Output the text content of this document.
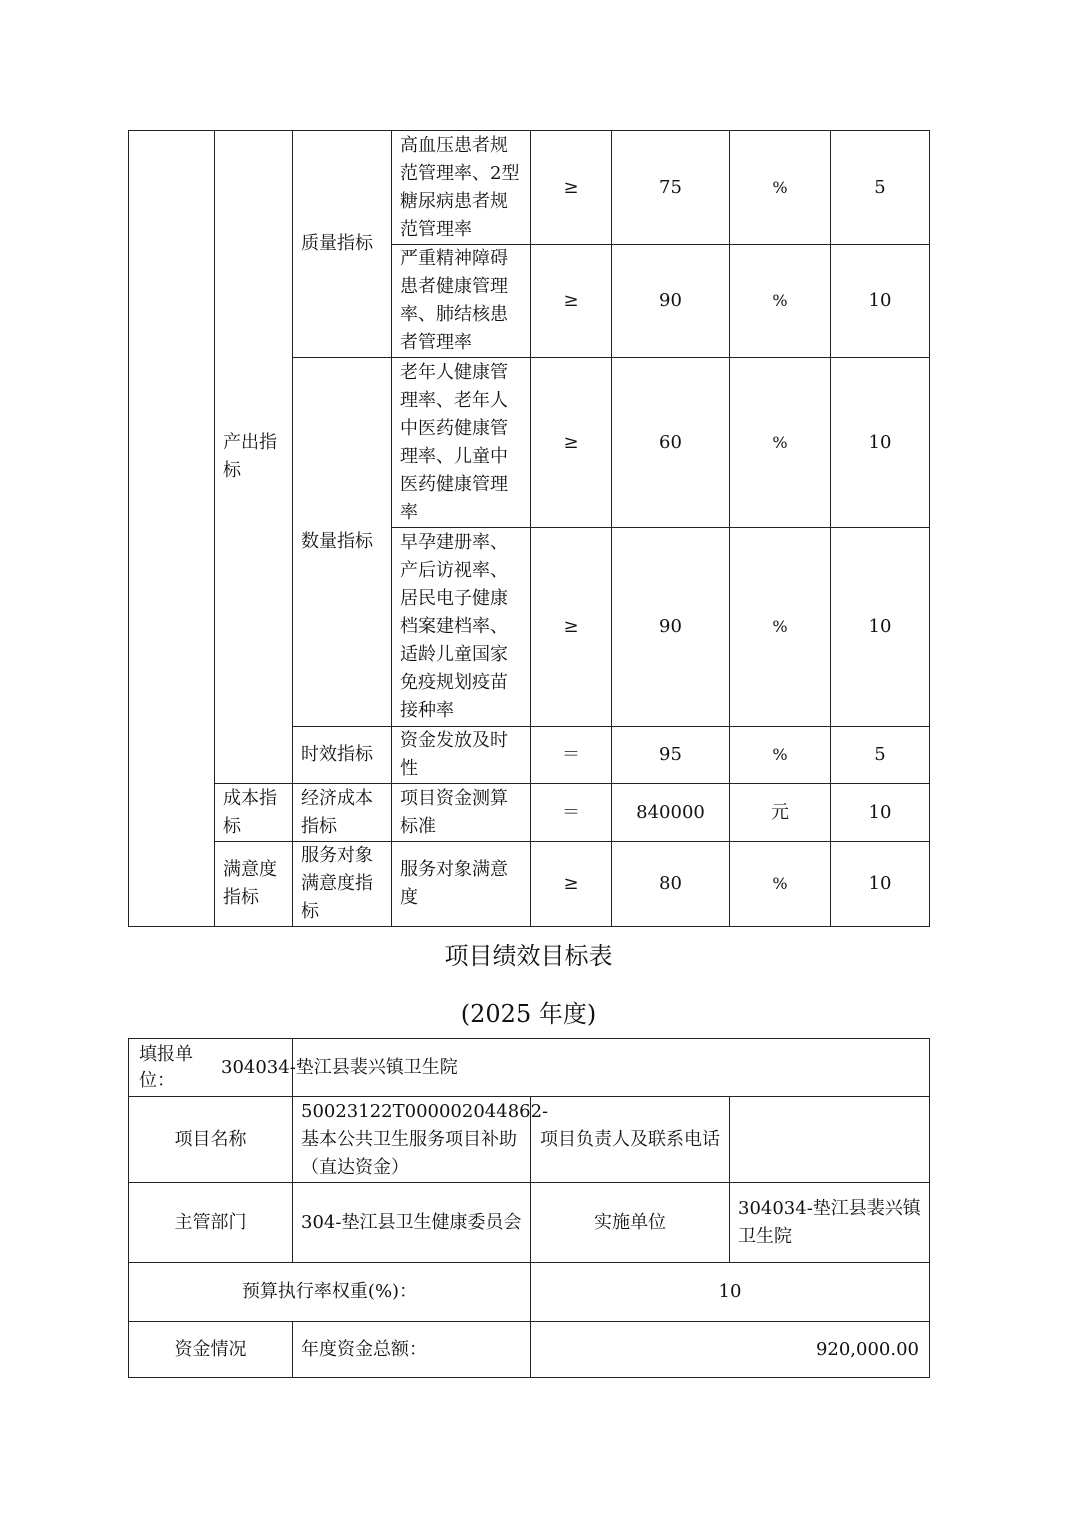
	产出指标	质量指标	高血压患者规范管理率、2型糖尿病患者规范管理率	≥	75	%	5
			严重精神障碍患者健康管理率、肺结核患者管理率	≥	90	%	10
		数量指标	老年人健康管理率、老年人中医药健康管理率、儿童中医药健康管理率	≥	60	%	10
			早孕建册率、产后访视率、居民电子健康档案建档率、适龄儿童国家免疫规划疫苗接种率	≥	90	%	10
		时效指标	资金发放及时性	＝	95	%	5

	成本指标	经济成本指标	项目资金测算标准	＝	840000	元	10
	满意度指标	服务对象满意度指标	服务对象满意度	≥	80	%	10
项目绩效目标表
(2025 年度)
填报单位：	304034-垫江县裴兴镇卫生院		
项目名称	50023122T000002044862-基本公共卫生服务项目补助（直达资金）	项目负责人及联系电话	
主管部门	304-垫江县卫生健康委员会	实施单位	304034-垫江县裴兴镇卫生院
预算执行率权重(%)：		10	
资金情况	年度资金总额：	920,000.00	
